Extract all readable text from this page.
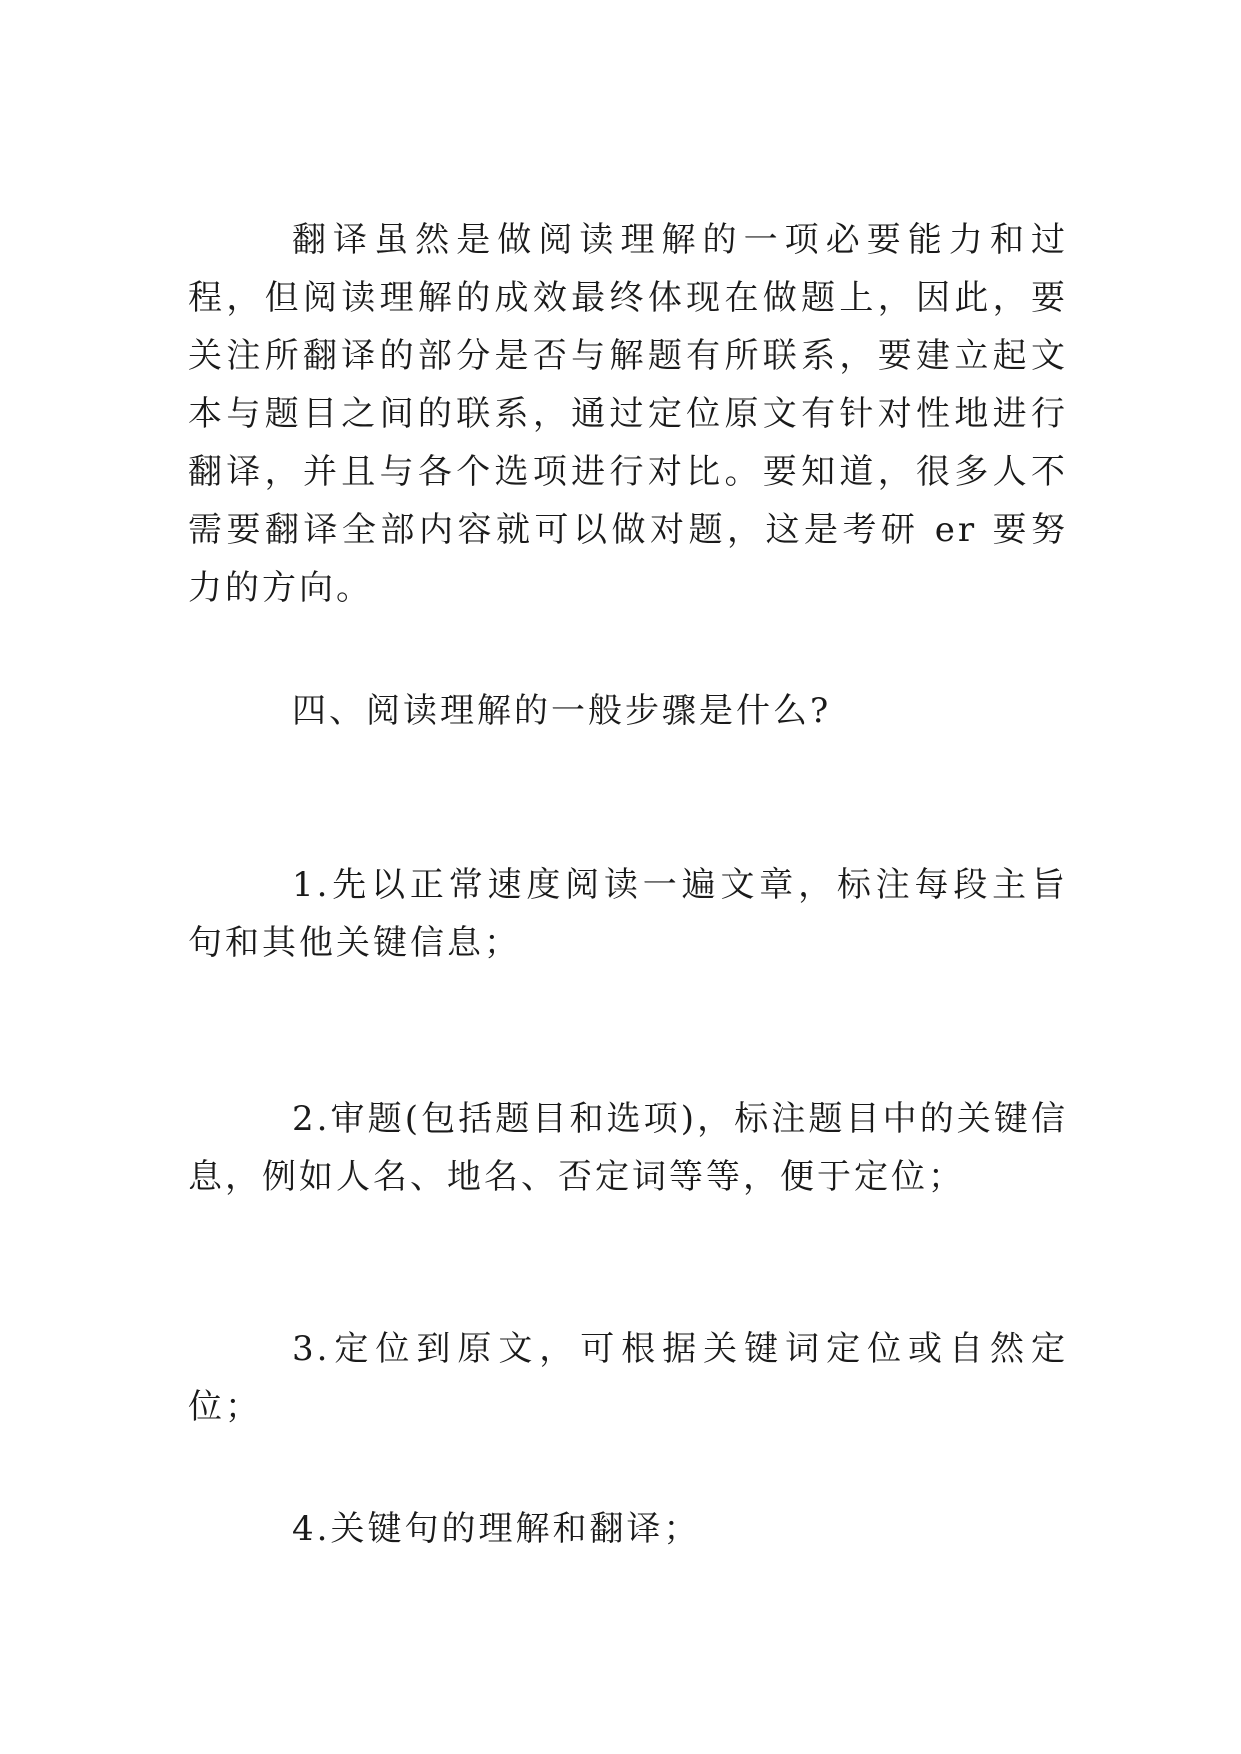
翻译虽然是做阅读理解的一项必要能力和过程，但阅读理解的成效最终体现在做题上，因此，要关注所翻译的部分是否与解题有所联系，要建立起文本与题目之间的联系，通过定位原文有针对性地进行翻译，并且与各个选项进行对比。要知道，很多人不需要翻译全部内容就可以做对题，这是考研 er 要努力的方向。

四、阅读理解的一般步骤是什么?

1.先以正常速度阅读一遍文章，标注每段主旨句和其他关键信息；

2.审题(包括题目和选项)，标注题目中的关键信息，例如人名、地名、否定词等等，便于定位；

3.定位到原文，可根据关键词定位或自然定位；

4.关键句的理解和翻译；
